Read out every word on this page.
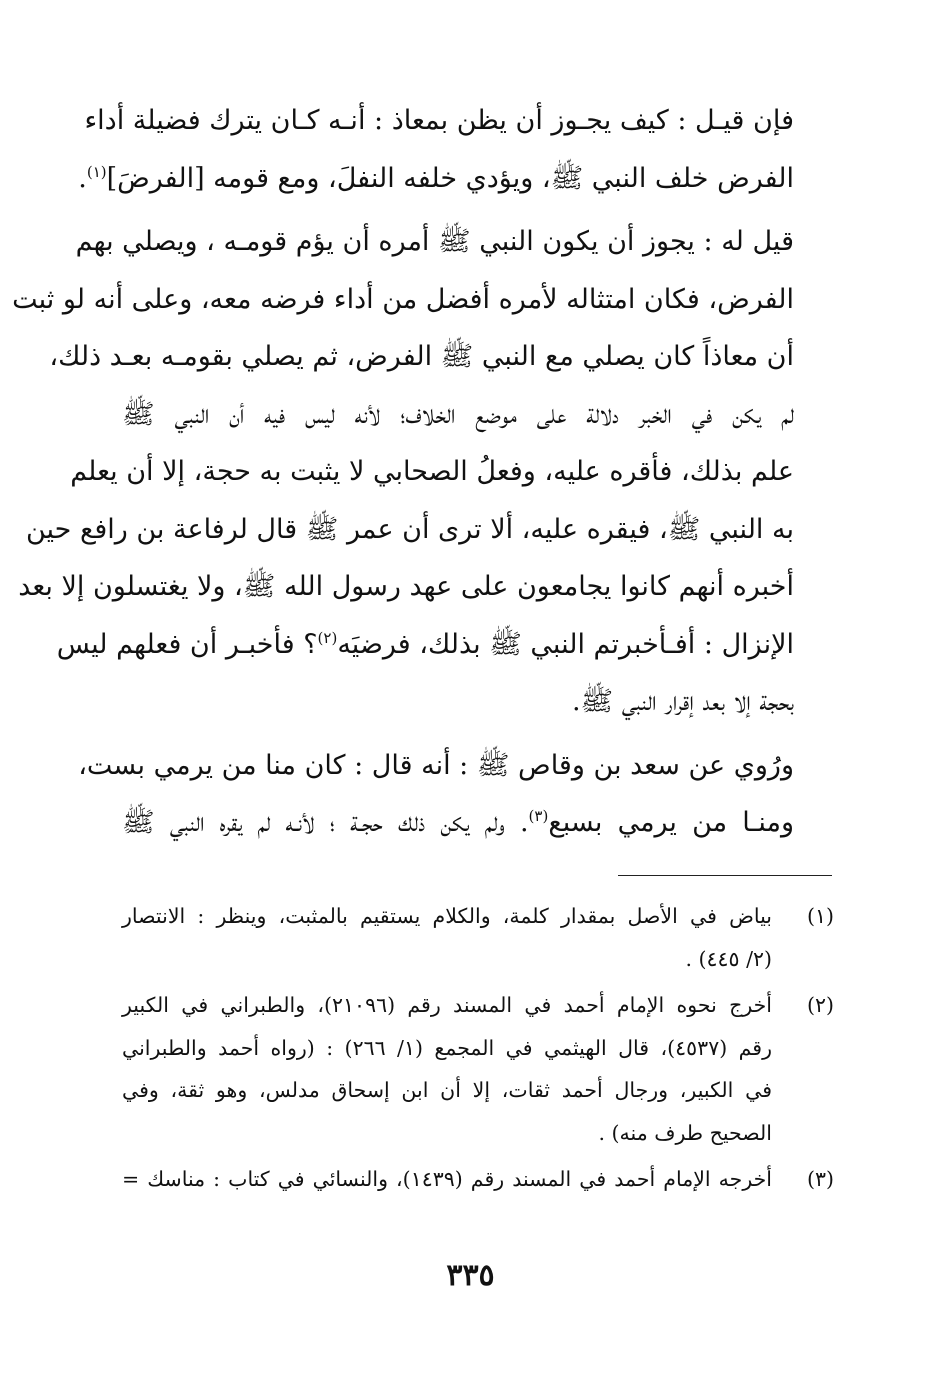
فإن قيـل : كيف يجـوز أن يظن بمعاذ : أنـه كـان يترك فضيلة أداء
الفرض خلف النبي ﷺ، ويؤدي خلفه النفلَ، ومع قومه [الفرضَ]$^{(١)}$.

قيل له : يجوز أن يكون النبي ﷺ أمره أن يؤم قومـه ، ويصلي بهم
الفرض، فكان امتثاله لأمره أفضل من أداء فرضه معه، وعلى أنه لو ثبت
أن معاذاً كان يصلي مع النبي ﷺ الفرض، ثم يصلي بقومـه بعـد ذلك،
لم يكن في الخبر دلالة على موضع الخلاف؛ لأنه ليس فيه أن النبي ﷺ
علم بذلك، فأقره عليه، وفعلُ الصحابي لا يثبت به حجة، إلا أن يعلم
به النبي ﷺ، فيقره عليه، ألا ترى أن عمر ﷺ قال لرفاعة بن رافع حين
أخبره أنهم كانوا يجامعون على عهد رسول الله ﷺ، ولا يغتسلون إلا بعد
الإنزال : أفـأخبرتم النبي ﷺ بذلك، فرضيَه$^{(٢)}$؟ فأخبـر أن فعلهم ليس
بحجة إلا بعد إقرار النبي ﷺ.

ورُوي عن سعد بن وقاص ﷺ : أنه قال : كان منا من يرمي بست،
ومنـا من يرمي بسبع$^{(٣)}$. ولم يكن ذلك حجـة ؛ لأنـه لم يقره النبي ﷺ

(١)
بياض في الأصل بمقدار كلمة، والكلام يستقيم بالمثبت، وينظر : الانتصار
(٢/ ٤٤٥) .
(٢)
أخرج نحوه الإمام أحمد في المسند رقم (٢١٠٩٦)، والطبراني في الكبير
رقم (٤٥٣٧)، قال الهيثمي في المجمع (١/ ٢٦٦) : (رواه أحمد والطبراني
في الكبير، ورجال أحمد ثقات، إلا أن ابن إسحاق مدلس، وهو ثقة، وفي
الصحيح طرف منه) .
(٣)
أخرجه الإمام أحمد في المسند رقم (١٤٣٩)، والنسائي في كتاب : مناسك =
٣٣٥
